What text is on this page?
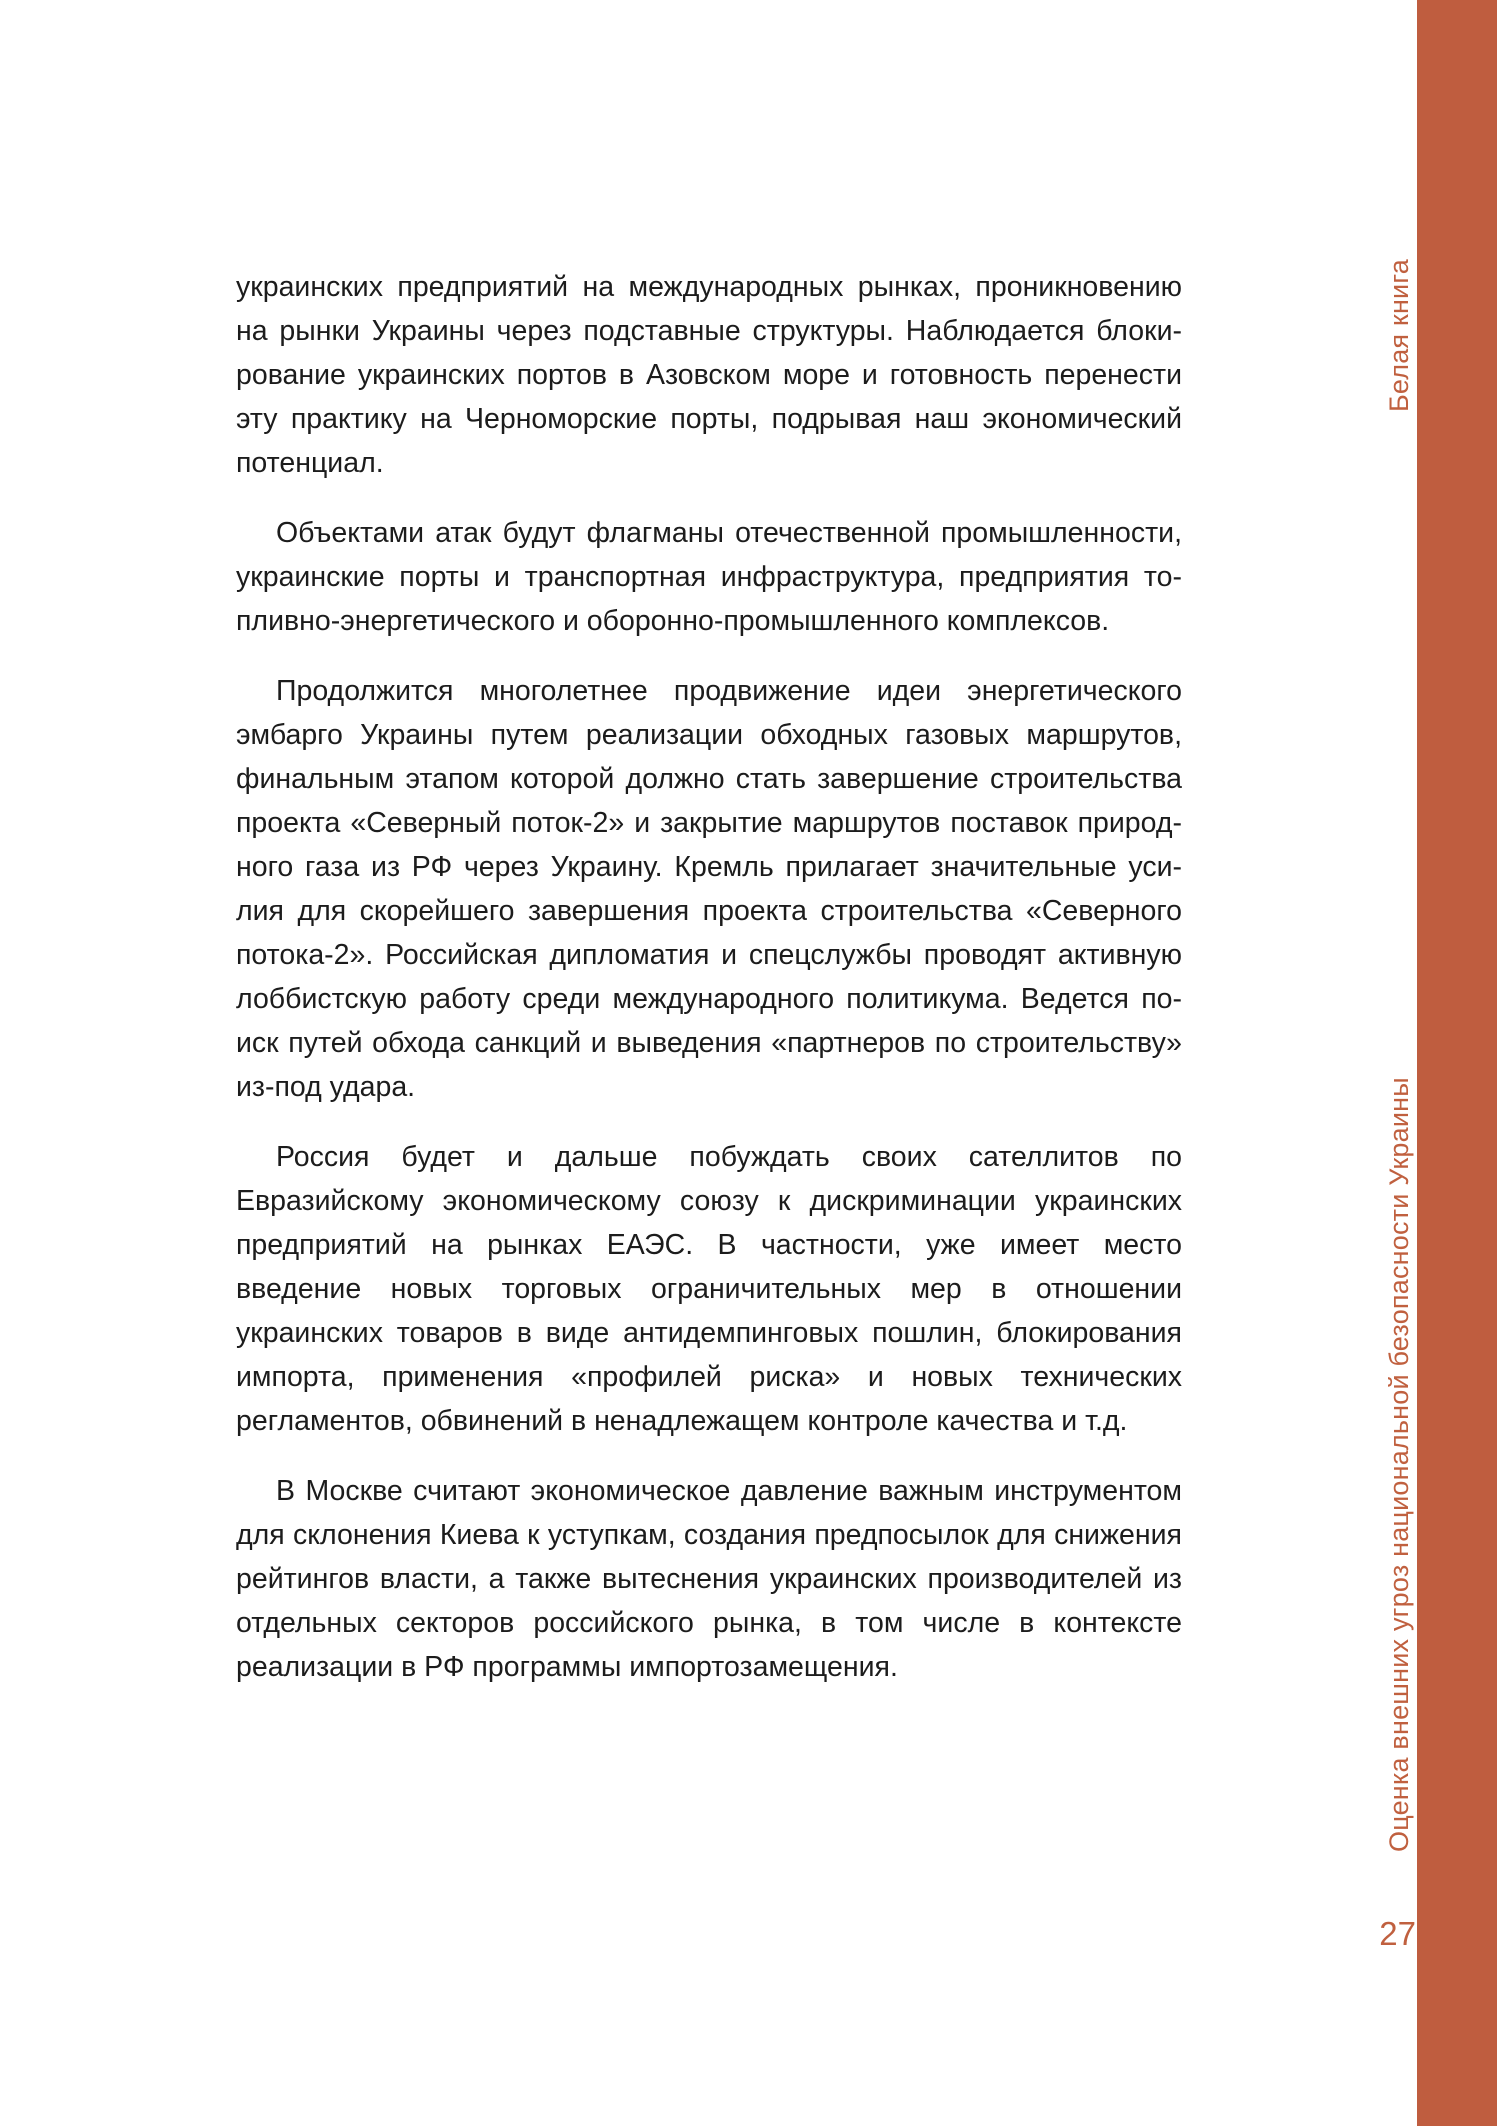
украинских предприятий на международных рынках, проникновению на рынки Украины через подставные структуры. Наблюдается блокирование украинских портов в Азовском море и готовность перенести эту практику на Черноморские порты, подрывая наш экономический потенциал.

Объектами атак будут флагманы отечественной промышленности, украинские порты и транспортная инфраструктура, предприятия топливно-энергетического и оборонно-промышленного комплексов.

Продолжится многолетнее продвижение идеи энергетического эмбарго Украины путем реализации обходных газовых маршрутов, финальным этапом которой должно стать завершение строительства проекта «Северный поток-2» и закрытие маршрутов поставок природного газа из РФ через Украину. Кремль прилагает значительные усилия для скорейшего завершения проекта строительства «Северного потока-2». Российская дипломатия и спецслужбы проводят активную лоббистскую работу среди международного политикума. Ведется поиск путей обхода санкций и выведения «партнеров по строительству» из-под удара.

Россия будет и дальше побуждать своих сателлитов по Евразийскому экономическому союзу к дискриминации украинских предприятий на рынках ЕАЭС. В частности, уже имеет место введение новых торговых ограничительных мер в отношении украинских товаров в виде антидемпинговых пошлин, блокирования импорта, применения «профилей риска» и новых технических регламентов, обвинений в ненадлежащем контроле качества и т.д.

В Москве считают экономическое давление важным инструментом для склонения Киева к уступкам, создания предпосылок для снижения рейтингов власти, а также вытеснения украинских производителей из отдельных секторов российского рынка, в том числе в контексте реализации в РФ программы импортозамещения.

Белая книга
Оценка внешних угроз национальной безопасности Украины
27
